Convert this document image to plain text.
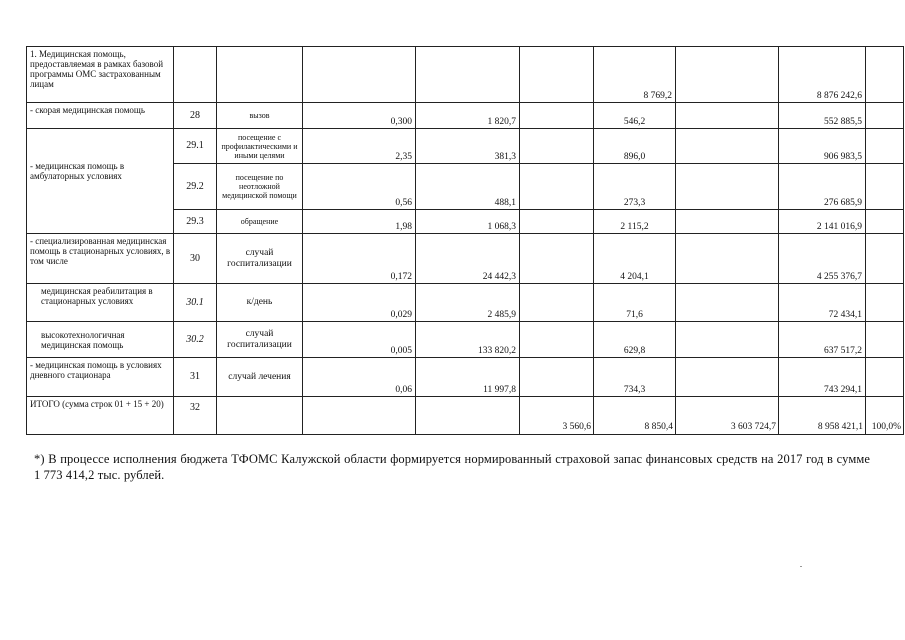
1. Медицинская помощь, предоставляемая в рамках базовой программы ОМС застрахованным лицам						8 769,2		8 876 242,6	
- скорая медицинская помощь	28	вызов	0,300	1 820,7		546,2		552 885,5	
- медицинская помощь в амбулаторных условиях	29.1	посещение с профилактическими и иными целями	2,35	381,3		896,0		906 983,5	
	29.2	посещение по неотложной медицинской помощи	0,56	488,1		273,3		276 685,9	
	29.3	обращение	1,98	1 068,3		2 115,2		2 141 016,9	
- специализированная медицинская помощь в стационарных условиях, в том числе	30	случай госпитализации	0,172	24 442,3		4 204,1		4 255 376,7	
медицинская реабилитация в стационарных условиях	30.1	к/день	0,029	2 485,9		71,6		72 434,1	
высокотехнологичная медицинская помощь	30.2	случай госпитализации	0,005	133 820,2		629,8		637 517,2	
- медицинская помощь в условиях дневного стационара	31	случай лечения	0,06	11 997,8		734,3		743 294,1	
ИТОГО (сумма строк 01 + 15 + 20)	32				3 560,6	8 850,4	3 603 724,7	8 958 421,1	100,0%

*) В процессе исполнения бюджета ТФОМС Калужской области формируется нормированный страховой запас финансовых средств на 2017 год в сумме 1 773 414,2 тыс. рублей.
